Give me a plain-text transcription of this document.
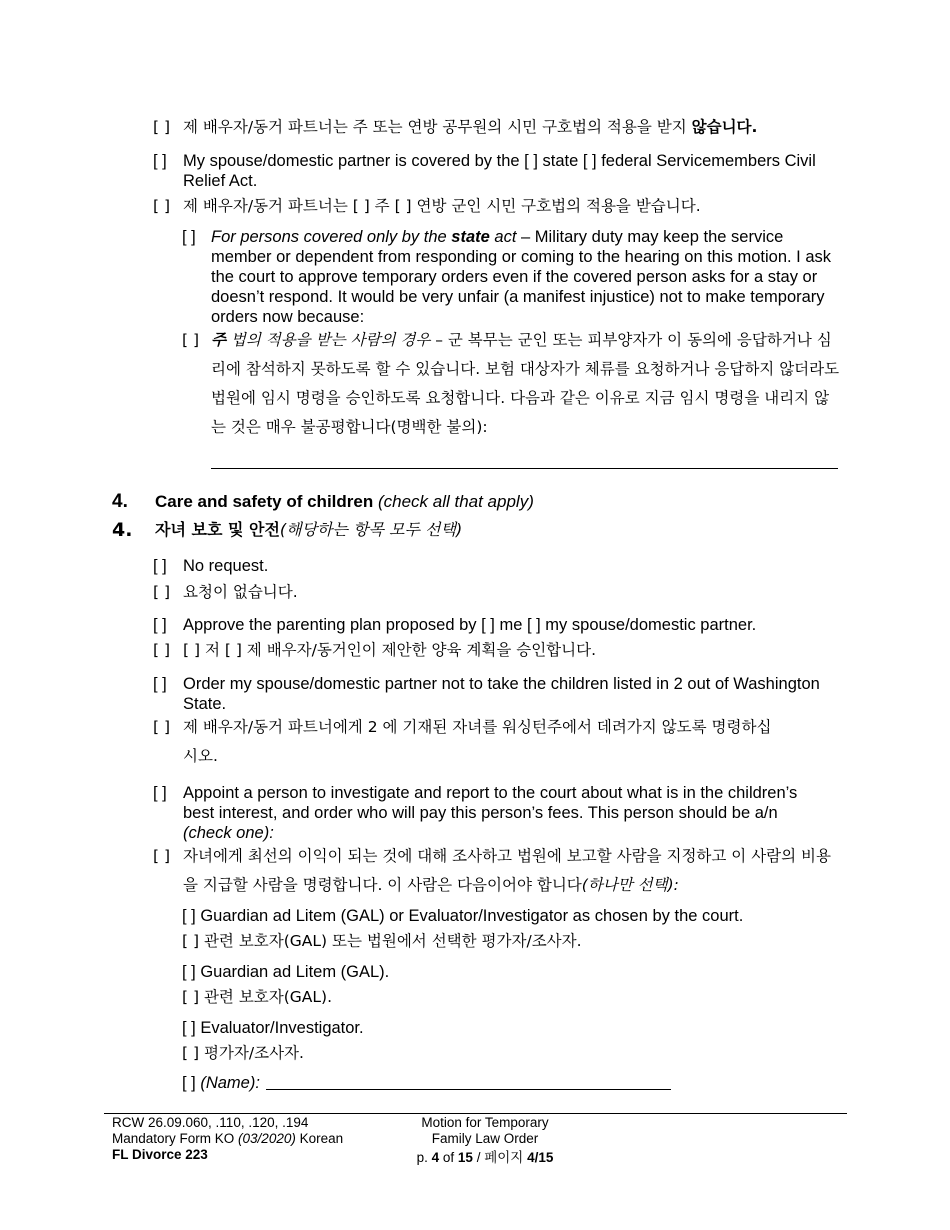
[ ] 제 배우자/동거 파트너는 주 또는 연방 공무원의 시민 구호법의 적용을 받지 않습니다.
[ ] My spouse/domestic partner is covered by the [ ] state [ ] federal Servicemembers Civil Relief Act.
[ ] 제 배우자/동거 파트너는 [ ] 주 [ ] 연방 군인 시민 구호법의 적용을 받습니다.
[ ] For persons covered only by the state act – Military duty may keep the service member or dependent from responding or coming to the hearing on this motion. I ask the court to approve temporary orders even if the covered person asks for a stay or doesn’t respond. It would be very unfair (a manifest injustice) not to make temporary orders now because:
[ ] 주 법의 적용을 받는 사람의 경우 – 군 복무는 군인 또는 피부양자가 이 동의에 응답하거나 심리에 참석하지 못하도록 할 수 있습니다. 보험 대상자가 체류를 요청하거나 응답하지 않더라도 법원에 임시 명령을 승인하도록 요청합니다. 다음과 같은 이유로 지금 임시 명령을 내리지 않는 것은 매우 불공평합니다(명백한 불의):
4. Care and safety of children (check all that apply)
4. 자녀 보호 및 안전(해당하는 항목 모두 선택)
[ ] No request.
[ ] 요청이 없습니다.
[ ] Approve the parenting plan proposed by [ ] me [ ] my spouse/domestic partner.
[ ] [ ] 저 [ ] 제 배우자/동거인이 제안한 양육 계획을 승인합니다.
[ ] Order my spouse/domestic partner not to take the children listed in 2 out of Washington State.
[ ] 제 배우자/동거 파트너에게 2 에 기재된 자녀를 워싱턴주에서 데려가지 않도록 명령하십시오.
[ ] Appoint a person to investigate and report to the court about what is in the children’s best interest, and order who will pay this person’s fees. This person should be a/n (check one):
[ ] 자녀에게 최선의 이익이 되는 것에 대해 조사하고 법원에 보고할 사람을 지정하고 이 사람의 비용을 지급할 사람을 명령합니다. 이 사람은 다음이어야 합니다(하나만 선택):
[ ] Guardian ad Litem (GAL) or Evaluator/Investigator as chosen by the court.
[ ] 관련 보호자(GAL) 또는 법원에서 선택한 평가자/조사자.
[ ] Guardian ad Litem (GAL).
[ ] 관련 보호자(GAL).
[ ] Evaluator/Investigator.
[ ] 평가자/조사자.
[ ] (Name):
RCW 26.09.060, .110, .120, .194
Mandatory Form KO (03/2020) Korean
FL Divorce 223
Motion for Temporary
Family Law Order
p. 4 of 15 / 페이지 4/15
